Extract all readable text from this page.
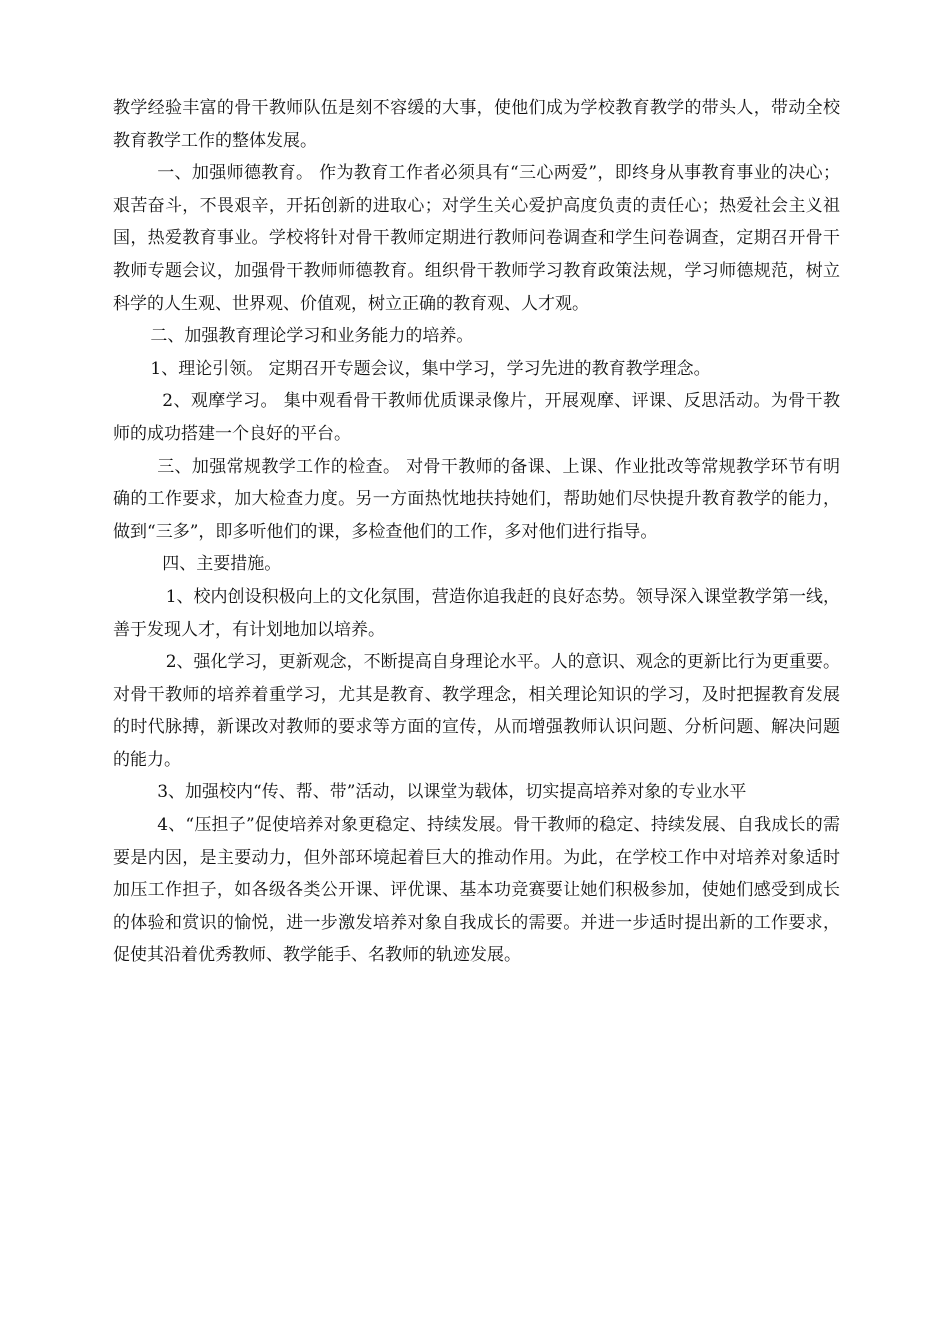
教学经验丰富的骨干教师队伍是刻不容缓的大事，使他们成为学校教育教学的带头人，带动全校教育教学工作的整体发展。

一、加强师德教育。 作为教育工作者必须具有“三心两爱”，即终身从事教育事业的决心；艰苦奋斗，不畏艰辛，开拓创新的进取心；对学生关心爱护高度负责的责任心；热爱社会主义祖国，热爱教育事业。学校将针对骨干教师定期进行教师问卷调查和学生问卷调查，定期召开骨干教师专题会议，加强骨干教师师德教育。组织骨干教师学习教育政策法规，学习师德规范，树立科学的人生观、世界观、价值观，树立正确的教育观、人才观。

二、加强教育理论学习和业务能力的培养。

1、理论引领。 定期召开专题会议，集中学习，学习先进的教育教学理念。

2、观摩学习。 集中观看骨干教师优质课录像片，开展观摩、评课、反思活动。为骨干教师的成功搭建一个良好的平台。

三、加强常规教学工作的检查。 对骨干教师的备课、上课、作业批改等常规教学环节有明确的工作要求，加大检查力度。另一方面热忱地扶持她们，帮助她们尽快提升教育教学的能力，做到“三多”，即多听他们的课，多检查他们的工作，多对他们进行指导。

四、主要措施。

1、校内创设积极向上的文化氛围，营造你追我赶的良好态势。领导深入课堂教学第一线，善于发现人才，有计划地加以培养。

2、强化学习，更新观念，不断提高自身理论水平。人的意识、观念的更新比行为更重要。对骨干教师的培养着重学习，尤其是教育、教学理念，相关理论知识的学习，及时把握教育发展的时代脉搏，新课改对教师的要求等方面的宣传，从而增强教师认识问题、分析问题、解决问题的能力。

3、加强校内“传、帮、带”活动，以课堂为载体，切实提高培养对象的专业水平

4、“压担子”促使培养对象更稳定、持续发展。骨干教师的稳定、持续发展、自我成长的需要是内因，是主要动力，但外部环境起着巨大的推动作用。为此，在学校工作中对培养对象适时加压工作担子，如各级各类公开课、评优课、基本功竞赛要让她们积极参加，使她们感受到成长的体验和赏识的愉悦，进一步激发培养对象自我成长的需要。并进一步适时提出新的工作要求，促使其沿着优秀教师、教学能手、名教师的轨迹发展。
